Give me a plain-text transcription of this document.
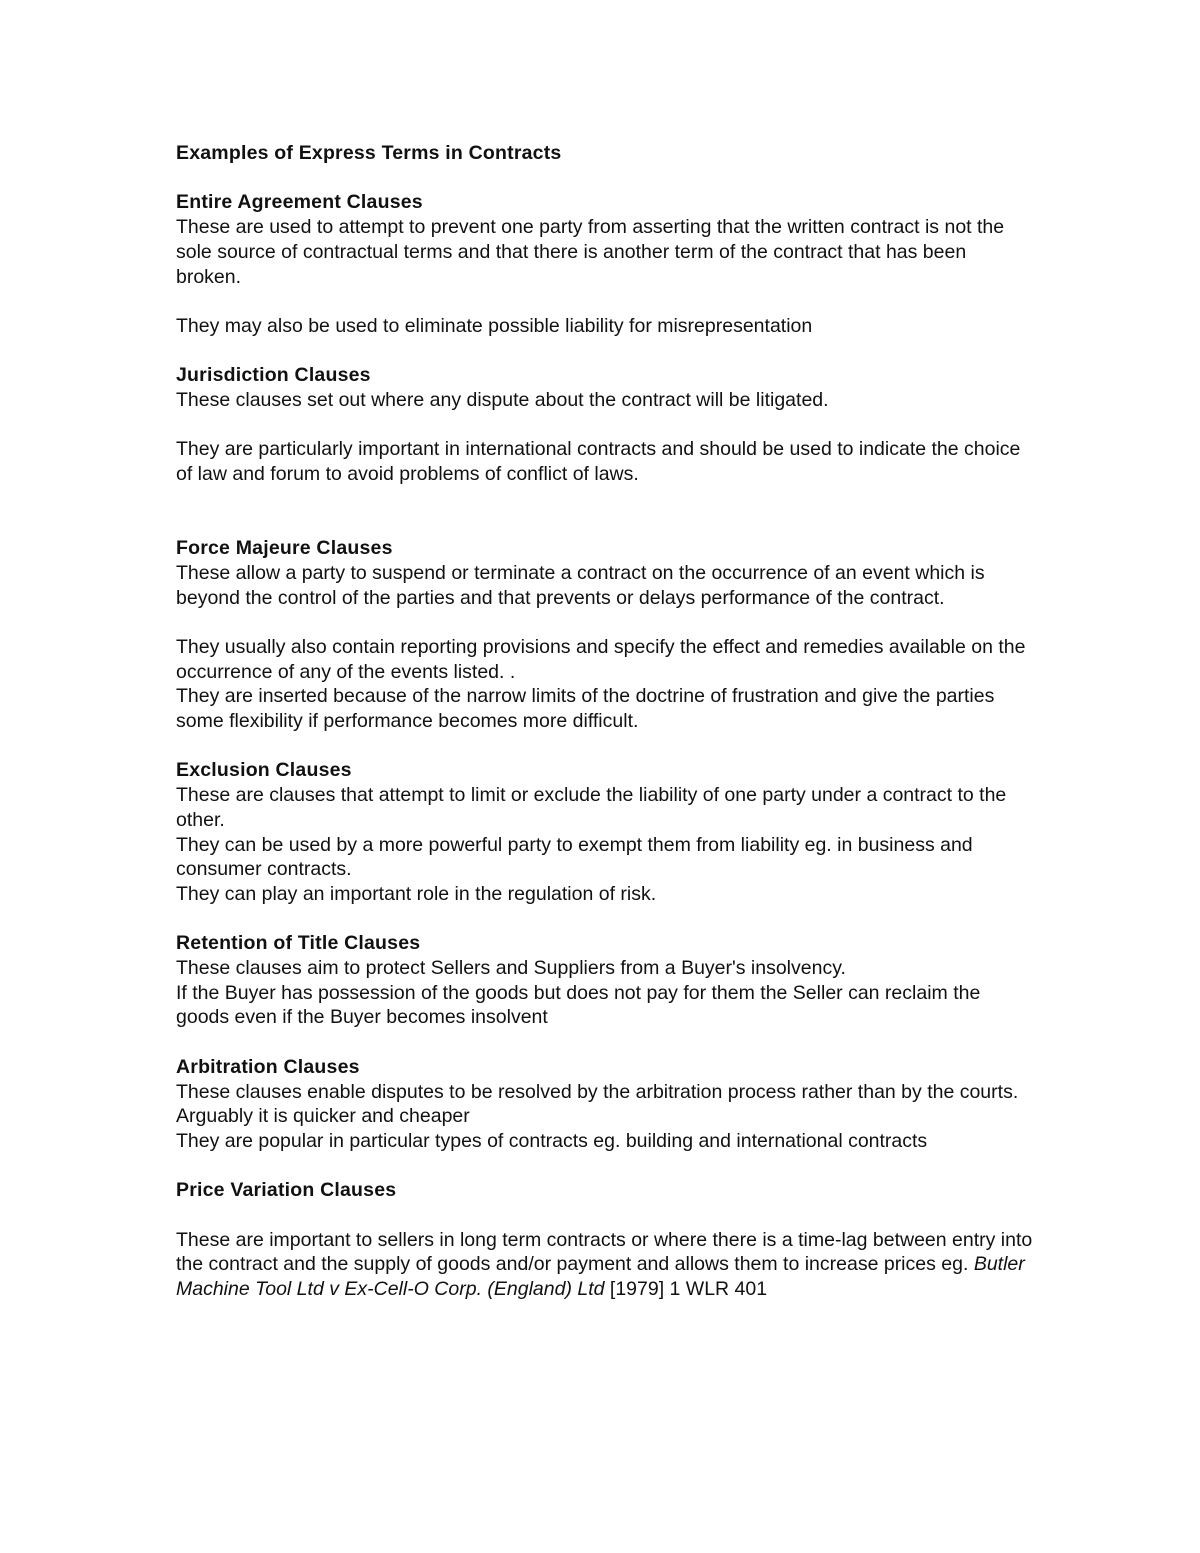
Examples of Express Terms in Contracts
Entire Agreement Clauses
These are used to attempt to prevent one party from asserting that the written contract is not the sole source of contractual terms and that there is another term of the contract that has been broken.
They may also be used to eliminate possible liability for misrepresentation
Jurisdiction Clauses
These clauses set out where any dispute about the contract will be litigated.
They are particularly important in international contracts and should be used to indicate the choice of law and forum to avoid problems of conflict of laws.
Force Majeure Clauses
These allow a party to suspend or terminate a contract on the occurrence of an event which is beyond the control of the parties and that prevents or delays performance of the contract.
They usually also contain reporting provisions and specify the effect and remedies available on the occurrence of any of the events listed. .
They are inserted because of the narrow limits of the doctrine of frustration and give the parties some flexibility if performance becomes more difficult.
Exclusion Clauses
These are clauses that attempt to limit or exclude the liability of one party under a contract to the other.
They can be used by a more powerful party to exempt them from liability eg. in business and consumer contracts.
They can play an important role in the regulation of risk.
Retention of Title Clauses
These clauses aim to protect Sellers and Suppliers from a Buyer's insolvency.
If the Buyer has possession of the goods but does not pay for them the Seller can reclaim the goods even if the Buyer becomes insolvent
Arbitration Clauses
These clauses enable disputes to be resolved by the arbitration process rather than by the courts.
Arguably it is quicker and cheaper
They are popular in particular types of contracts eg. building and international contracts
Price Variation Clauses
These are important to sellers in long term contracts or where there is a time-lag between entry into the contract and the supply of goods and/or payment and allows them to increase prices eg. Butler Machine Tool Ltd v Ex-Cell-O Corp. (England) Ltd [1979] 1 WLR 401
